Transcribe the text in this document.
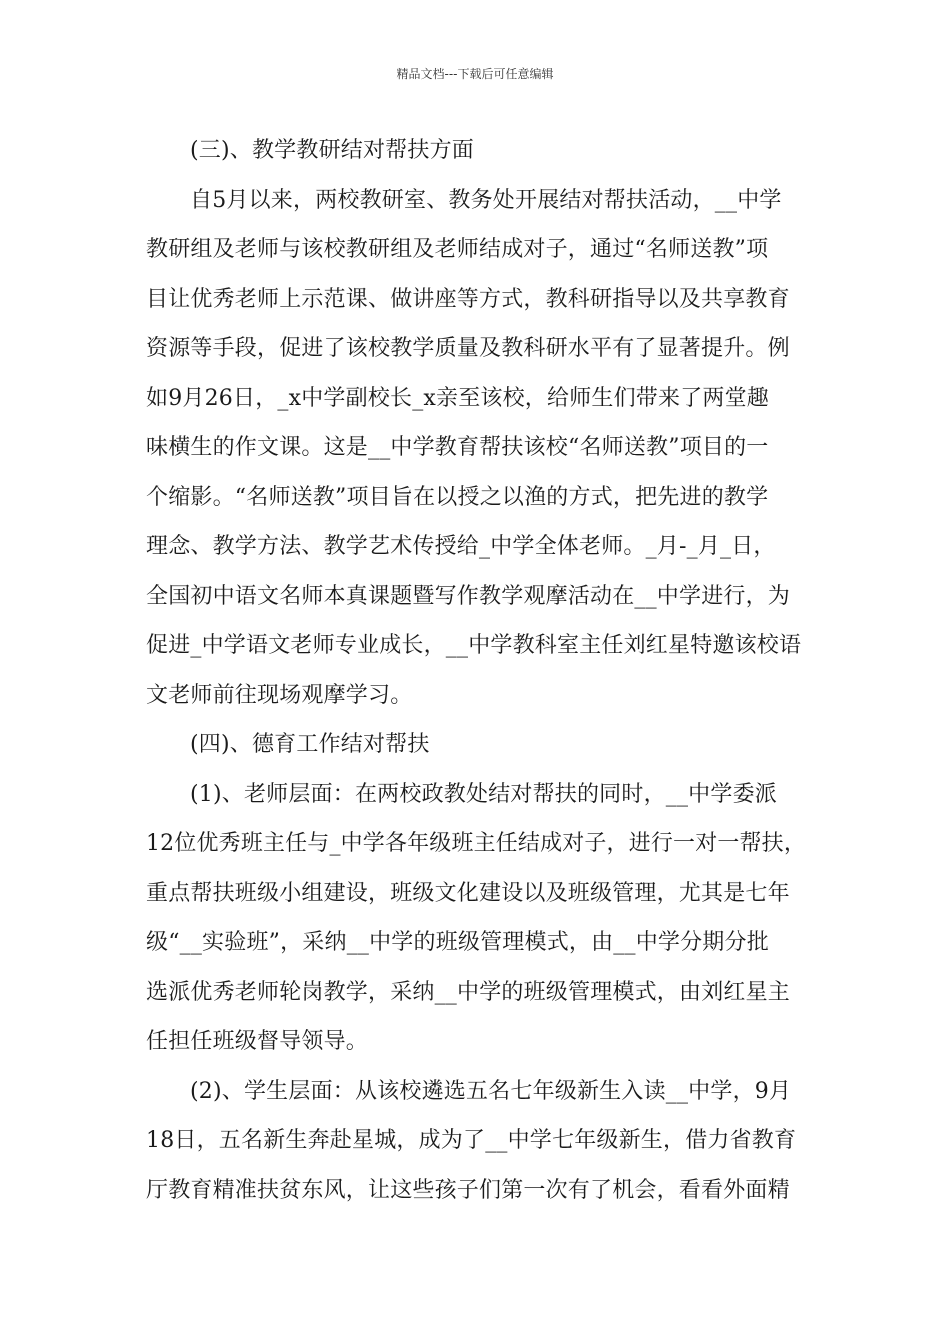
精品文档---下载后可任意编辑
(三)、教学教研结对帮扶方面
自5月以来，两校教研室、教务处开展结对帮扶活动，__中学
教研组及老师与该校教研组及老师结成对子，通过“名师送教”项
目让优秀老师上示范课、做讲座等方式，教科研指导以及共享教育
资源等手段，促进了该校教学质量及教科研水平有了显著提升。例
如9月26日，_x中学副校长_x亲至该校，给师生们带来了两堂趣
味横生的作文课。这是__中学教育帮扶该校“名师送教”项目的一
个缩影。“名师送教”项目旨在以授之以渔的方式，把先进的教学
理念、教学方法、教学艺术传授给_中学全体老师。_月-_月_日，
全国初中语文名师本真课题暨写作教学观摩活动在__中学进行，为
促进_中学语文老师专业成长，__中学教科室主任刘红星特邀该校语
文老师前往现场观摩学习。
(四)、德育工作结对帮扶
(1)、老师层面：在两校政教处结对帮扶的同时，__中学委派
12位优秀班主任与_中学各年级班主任结成对子，进行一对一帮扶，
重点帮扶班级小组建设，班级文化建设以及班级管理，尤其是七年
级“__实验班”，采纳__中学的班级管理模式，由__中学分期分批
选派优秀老师轮岗教学，采纳__中学的班级管理模式，由刘红星主
任担任班级督导领导。
(2)、学生层面：从该校遴选五名七年级新生入读__中学，9月
18日，五名新生奔赴星城，成为了__中学七年级新生，借力省教育
厅教育精准扶贫东风，让这些孩子们第一次有了机会，看看外面精
